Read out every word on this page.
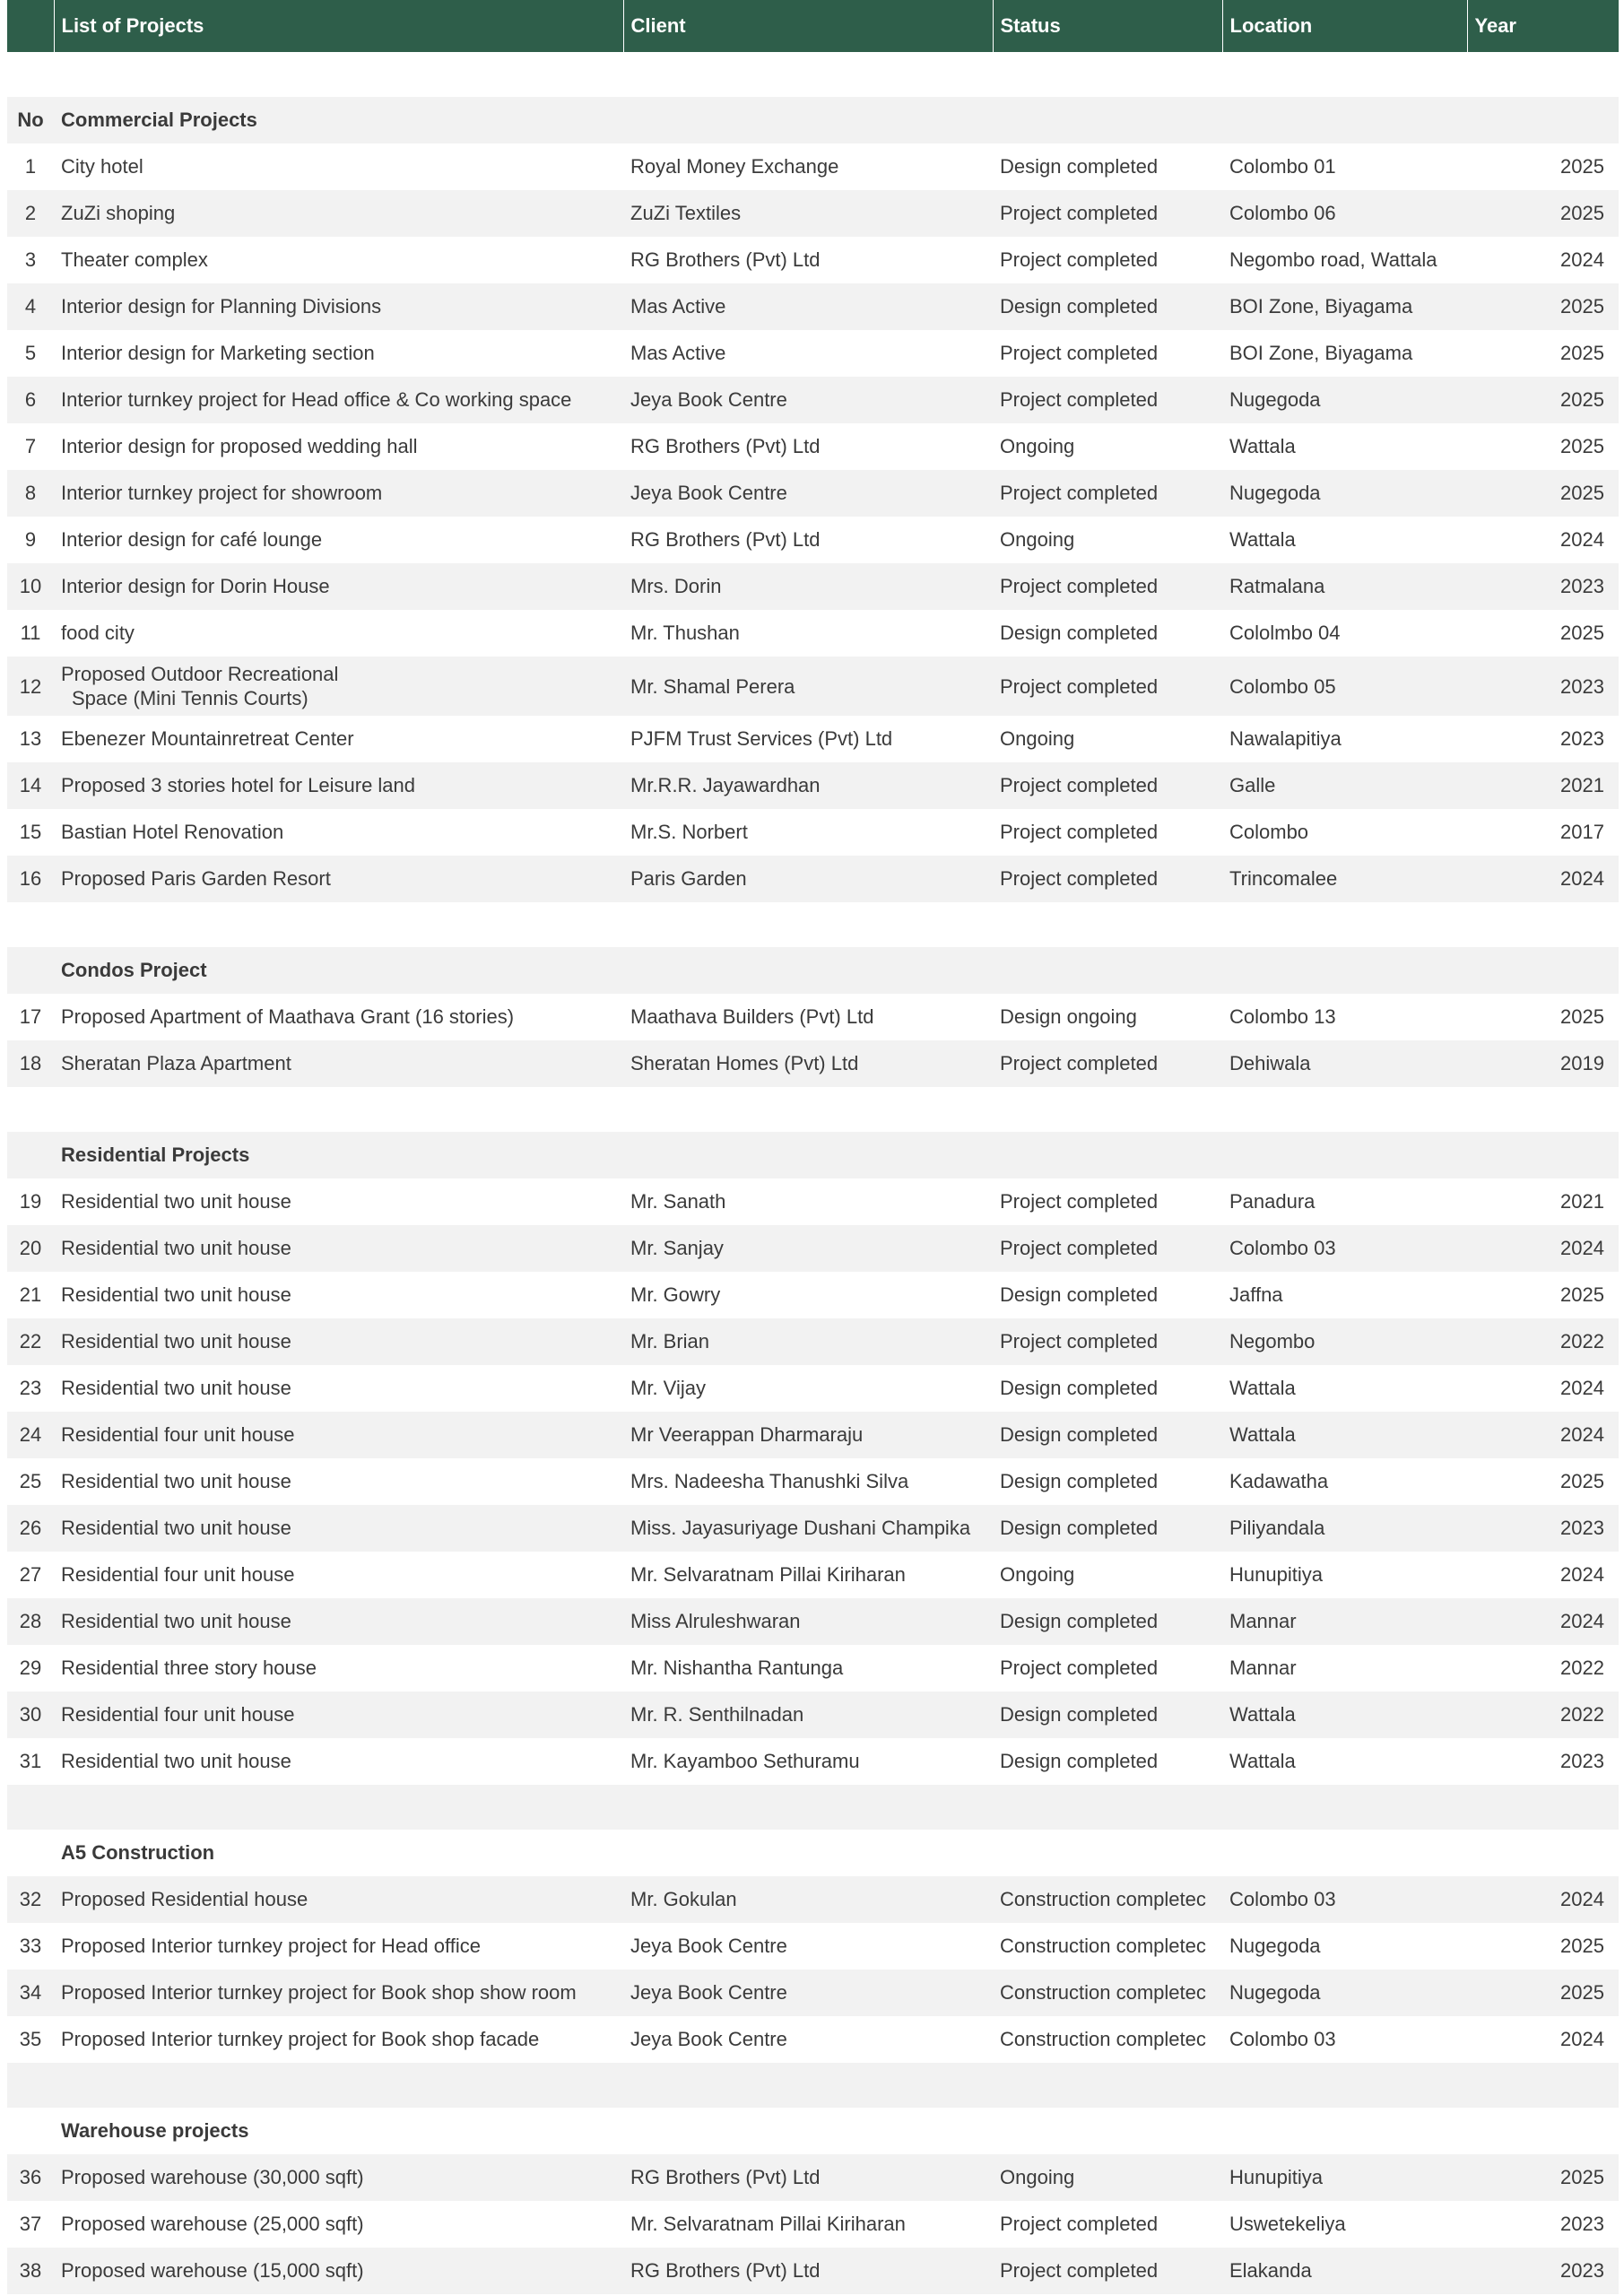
	List of Projects	Client	Status	Location	Year

No	Commercial Projects				
1	City hotel	Royal Money Exchange	Design completed	Colombo 01	2025
2	ZuZi shoping	ZuZi Textiles	Project completed	Colombo 06	2025
3	Theater complex	RG Brothers (Pvt) Ltd	Project completed	Negombo road, Wattala	2024
4	Interior design for Planning Divisions	Mas Active	Design completed	BOI Zone, Biyagama	2025
5	Interior design for Marketing section	Mas Active	Project completed	BOI Zone, Biyagama	2025
6	Interior turnkey project for Head office & Co working space	Jeya Book Centre	Project completed	Nugegoda	2025
7	Interior design for proposed wedding hall	RG Brothers (Pvt) Ltd	Ongoing	Wattala	2025
8	Interior turnkey project for showroom	Jeya Book Centre	Project completed	Nugegoda	2025
9	Interior design for café lounge	RG Brothers (Pvt) Ltd	Ongoing	Wattala	2024
10	Interior design for Dorin House	Mrs. Dorin	Project completed	Ratmalana	2023
11	food city	Mr. Thushan	Design completed	Cololmbo 04	2025
12	Proposed Outdoor Recreational
Space (Mini Tennis Courts)	Mr. Shamal Perera	Project completed	Colombo 05	2023
13	Ebenezer Mountainretreat Center	PJFM Trust Services (Pvt) Ltd	Ongoing	Nawalapitiya	2023
14	Proposed 3 stories hotel for Leisure land	Mr.R.R. Jayawardhan	Project completed	Galle	2021
15	Bastian Hotel Renovation	Mr.S. Norbert	Project completed	Colombo	2017
16	Proposed Paris Garden Resort	Paris Garden	Project completed	Trincomalee	2024

	Condos Project				
17	Proposed Apartment of Maathava Grant (16 stories)	Maathava Builders (Pvt) Ltd	Design ongoing	Colombo 13	2025
18	Sheratan Plaza Apartment	Sheratan Homes (Pvt) Ltd	Project completed	Dehiwala	2019

	Residential Projects				
19	Residential two unit house	Mr. Sanath	Project completed	Panadura	2021
20	Residential two unit house	Mr. Sanjay	Project completed	Colombo 03	2024
21	Residential two unit house	Mr. Gowry	Design completed	Jaffna	2025
22	Residential two unit house	Mr. Brian	Project completed	Negombo	2022
23	Residential two unit house	Mr. Vijay	Design completed	Wattala	2024
24	Residential four unit house	Mr Veerappan Dharmaraju	Design completed	Wattala	2024
25	Residential two unit house	Mrs. Nadeesha Thanushki Silva	Design completed	Kadawatha	2025
26	Residential two unit house	Miss. Jayasuriyage Dushani Champika	Design completed	Piliyandala	2023
27	Residential four unit house	Mr. Selvaratnam Pillai Kiriharan	Ongoing	Hunupitiya	2024
28	Residential two unit house	Miss Alruleshwaran	Design completed	Mannar	2024
29	Residential three story house	Mr. Nishantha Rantunga	Project completed	Mannar	2022
30	Residential four unit house	Mr. R. Senthilnadan	Design completed	Wattala	2022
31	Residential two unit house	Mr. Kayamboo Sethuramu	Design completed	Wattala	2023

	A5 Construction				
32	Proposed Residential house	Mr. Gokulan	Construction completec	Colombo 03	2024
33	Proposed Interior turnkey project for Head office	Jeya Book Centre	Construction completec	Nugegoda	2025
34	Proposed Interior turnkey project for Book shop show room	Jeya Book Centre	Construction completec	Nugegoda	2025
35	Proposed Interior turnkey project for Book shop facade	Jeya Book Centre	Construction completec	Colombo 03	2024

	Warehouse projects				
36	Proposed warehouse (30,000 sqft)	RG Brothers (Pvt) Ltd	Ongoing	Hunupitiya	2025
37	Proposed warehouse (25,000 sqft)	Mr. Selvaratnam Pillai Kiriharan	Project completed	Uswetekeliya	2023
38	Proposed warehouse (15,000 sqft)	RG Brothers (Pvt) Ltd	Project completed	Elakanda	2023
